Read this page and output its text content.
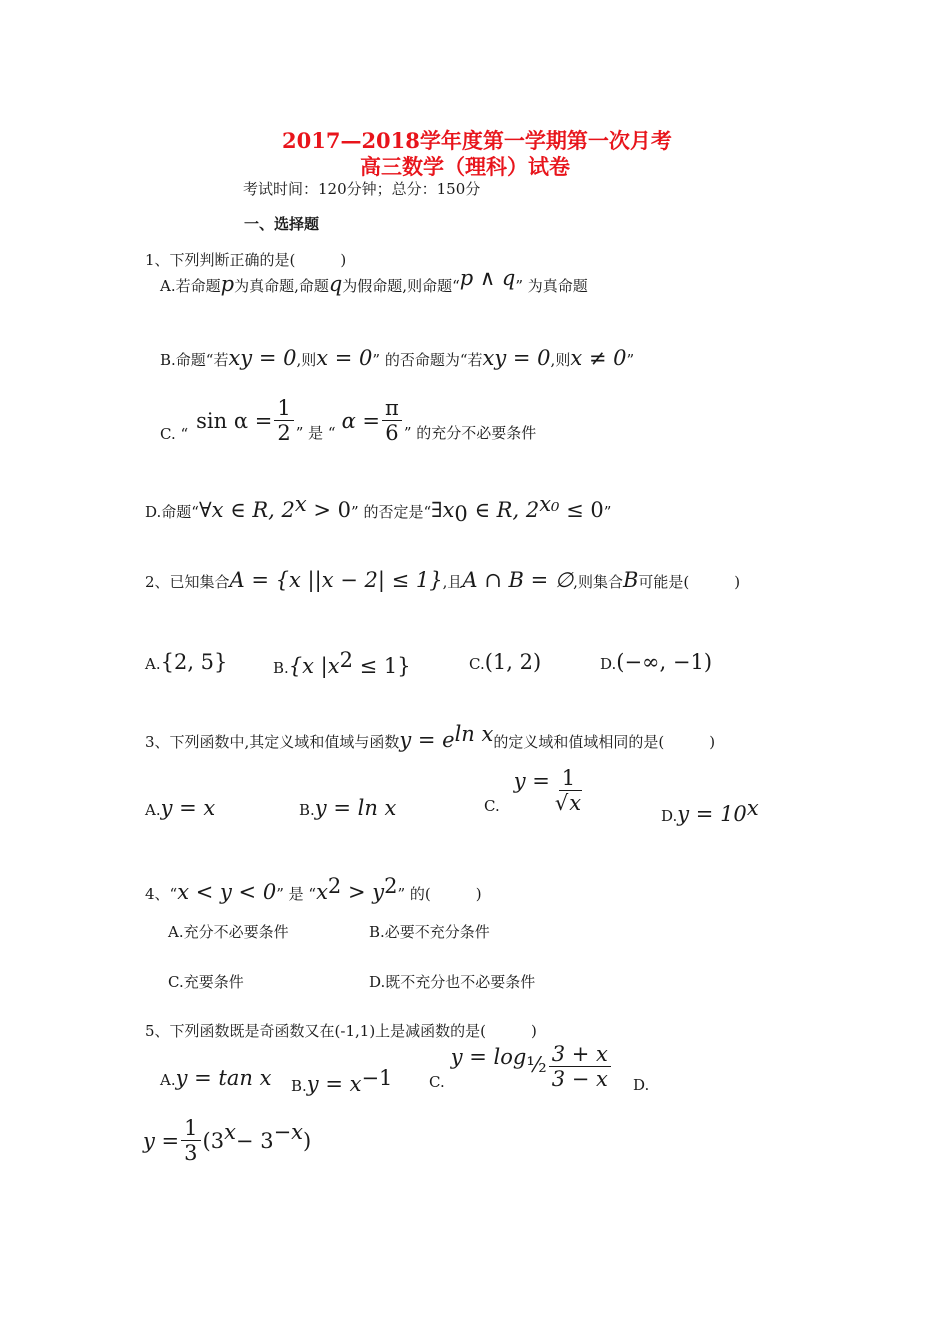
2017—2018学年度第一学期第一次月考
高三数学（理科）试卷
考试时间：120分钟；总分：150分
一、选择题
1、下列判断正确的是(　　　)
A.若命题p为真命题,命题q为假命题,则命题“p ∧ q” 为真命题
B.命题“若xy = 0,则x = 0” 的否命题为“若xy = 0,则x ≠ 0”
C. “
$\sin \alpha = \frac{1}{2}$ ” 是 “
$\alpha = \frac{\pi}{6}$ ” 的充分不必要条件
D.命题“∀x ∈ R, $2^x > 0$” 的否定是“$\exists x_0$ ∈ R, $2^{x_0} \le 0$”
2、已知集合A = {x ||x − 2| ≤ 1},且A ∩ B = ∅,则集合B可能是(　　　)
A.{2, 5}	B.{x $|x^2 \le 1$}	C.(1, 2)	D.(−∞, −1)
3、下列函数中,其定义域和值域与函数$y = e^{ln x}$的定义域和值域相同的是(　　　)
A.y = x	B.y = ln x	C.
$y = \frac{1}{√x}$
$D.y = 10^x$
4、“x < y < 0” 是 “$x^2 > y^2$” 的(　　　)
A.充分不必要条件	B.必要不充分条件
C.充要条件	D.既不充分也不必要条件
5、下列函数既是奇函数又在(-1,1)上是减函数的是(　　　)
A.y = tan x $B.y = x^{-1}$ C.
y = log ½ $\frac{3 + x}{3 - x} D$.
$y = \frac{1}{3} (3$ x − 3 −x )
